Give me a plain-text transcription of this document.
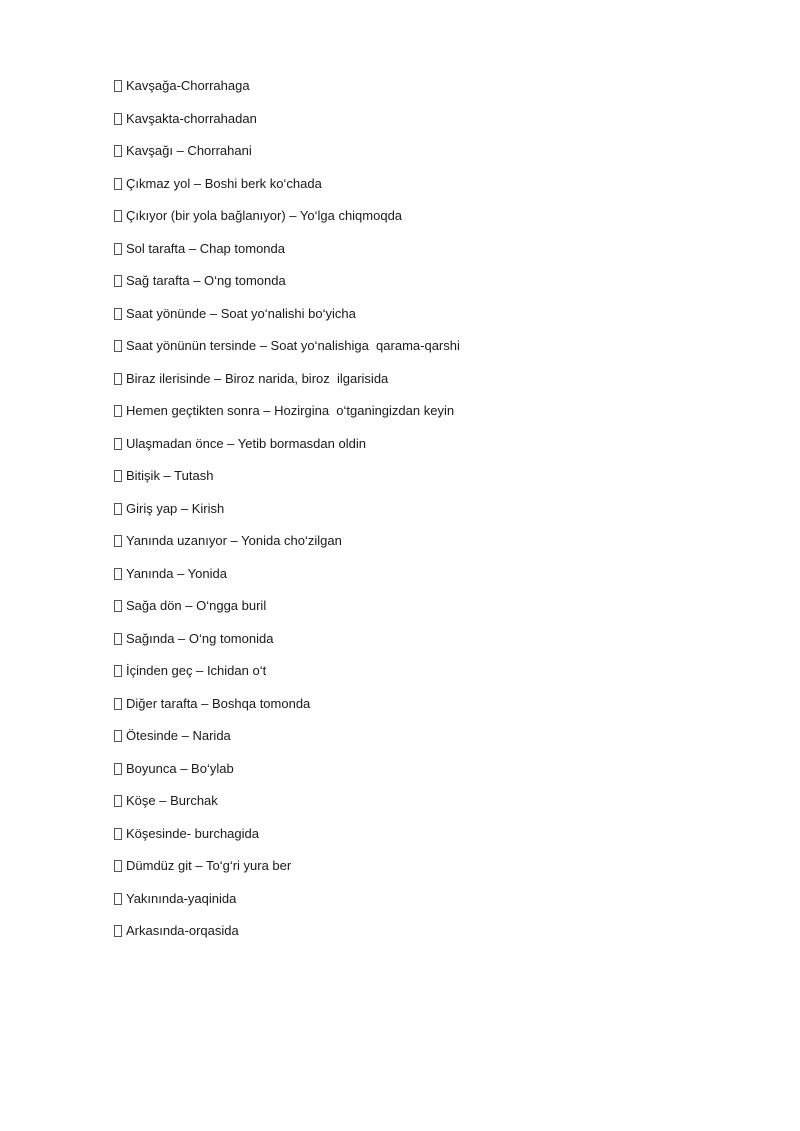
Kavşağa-Chorrahaga
Kavşakta-chorrahadan
Kavşağı – Chorrahani
Çıkmaz yol – Boshi berk ko‘chada
Çıkıyor (bir yola bağlanıyor) – Yo‘lga chiqmoqda
Sol tarafta – Chap tomonda
Sağ tarafta – O‘ng tomonda
Saat yönünde – Soat yo‘nalishi bo‘yicha
Saat yönünün tersinde – Soat yo‘nalishiga  qarama-qarshi
Biraz ilerisinde – Biroz narida, biroz  ilgarisida
Hemen geçtikten sonra – Hozirgina  o‘tganingizdan keyin
Ulaşmadan önce – Yetib bormasdan oldin
Bitişik – Tutash
Giriş yap – Kirish
Yanında uzanıyor – Yonida cho‘zilgan
Yanında – Yonida
Sağa dön – O‘ngga buril
Sağında – O‘ng tomonida
İçinden geç – Ichidan o‘t
Diğer tarafta – Boshqa tomonda
Ötesinde – Narida
Boyunca – Bo‘ylab
Köşe – Burchak
Köşesinde- burchagida
Dümdüz git – To‘g‘ri yura ber
Yakınında-yaqinida
Arkasında-orqasida
